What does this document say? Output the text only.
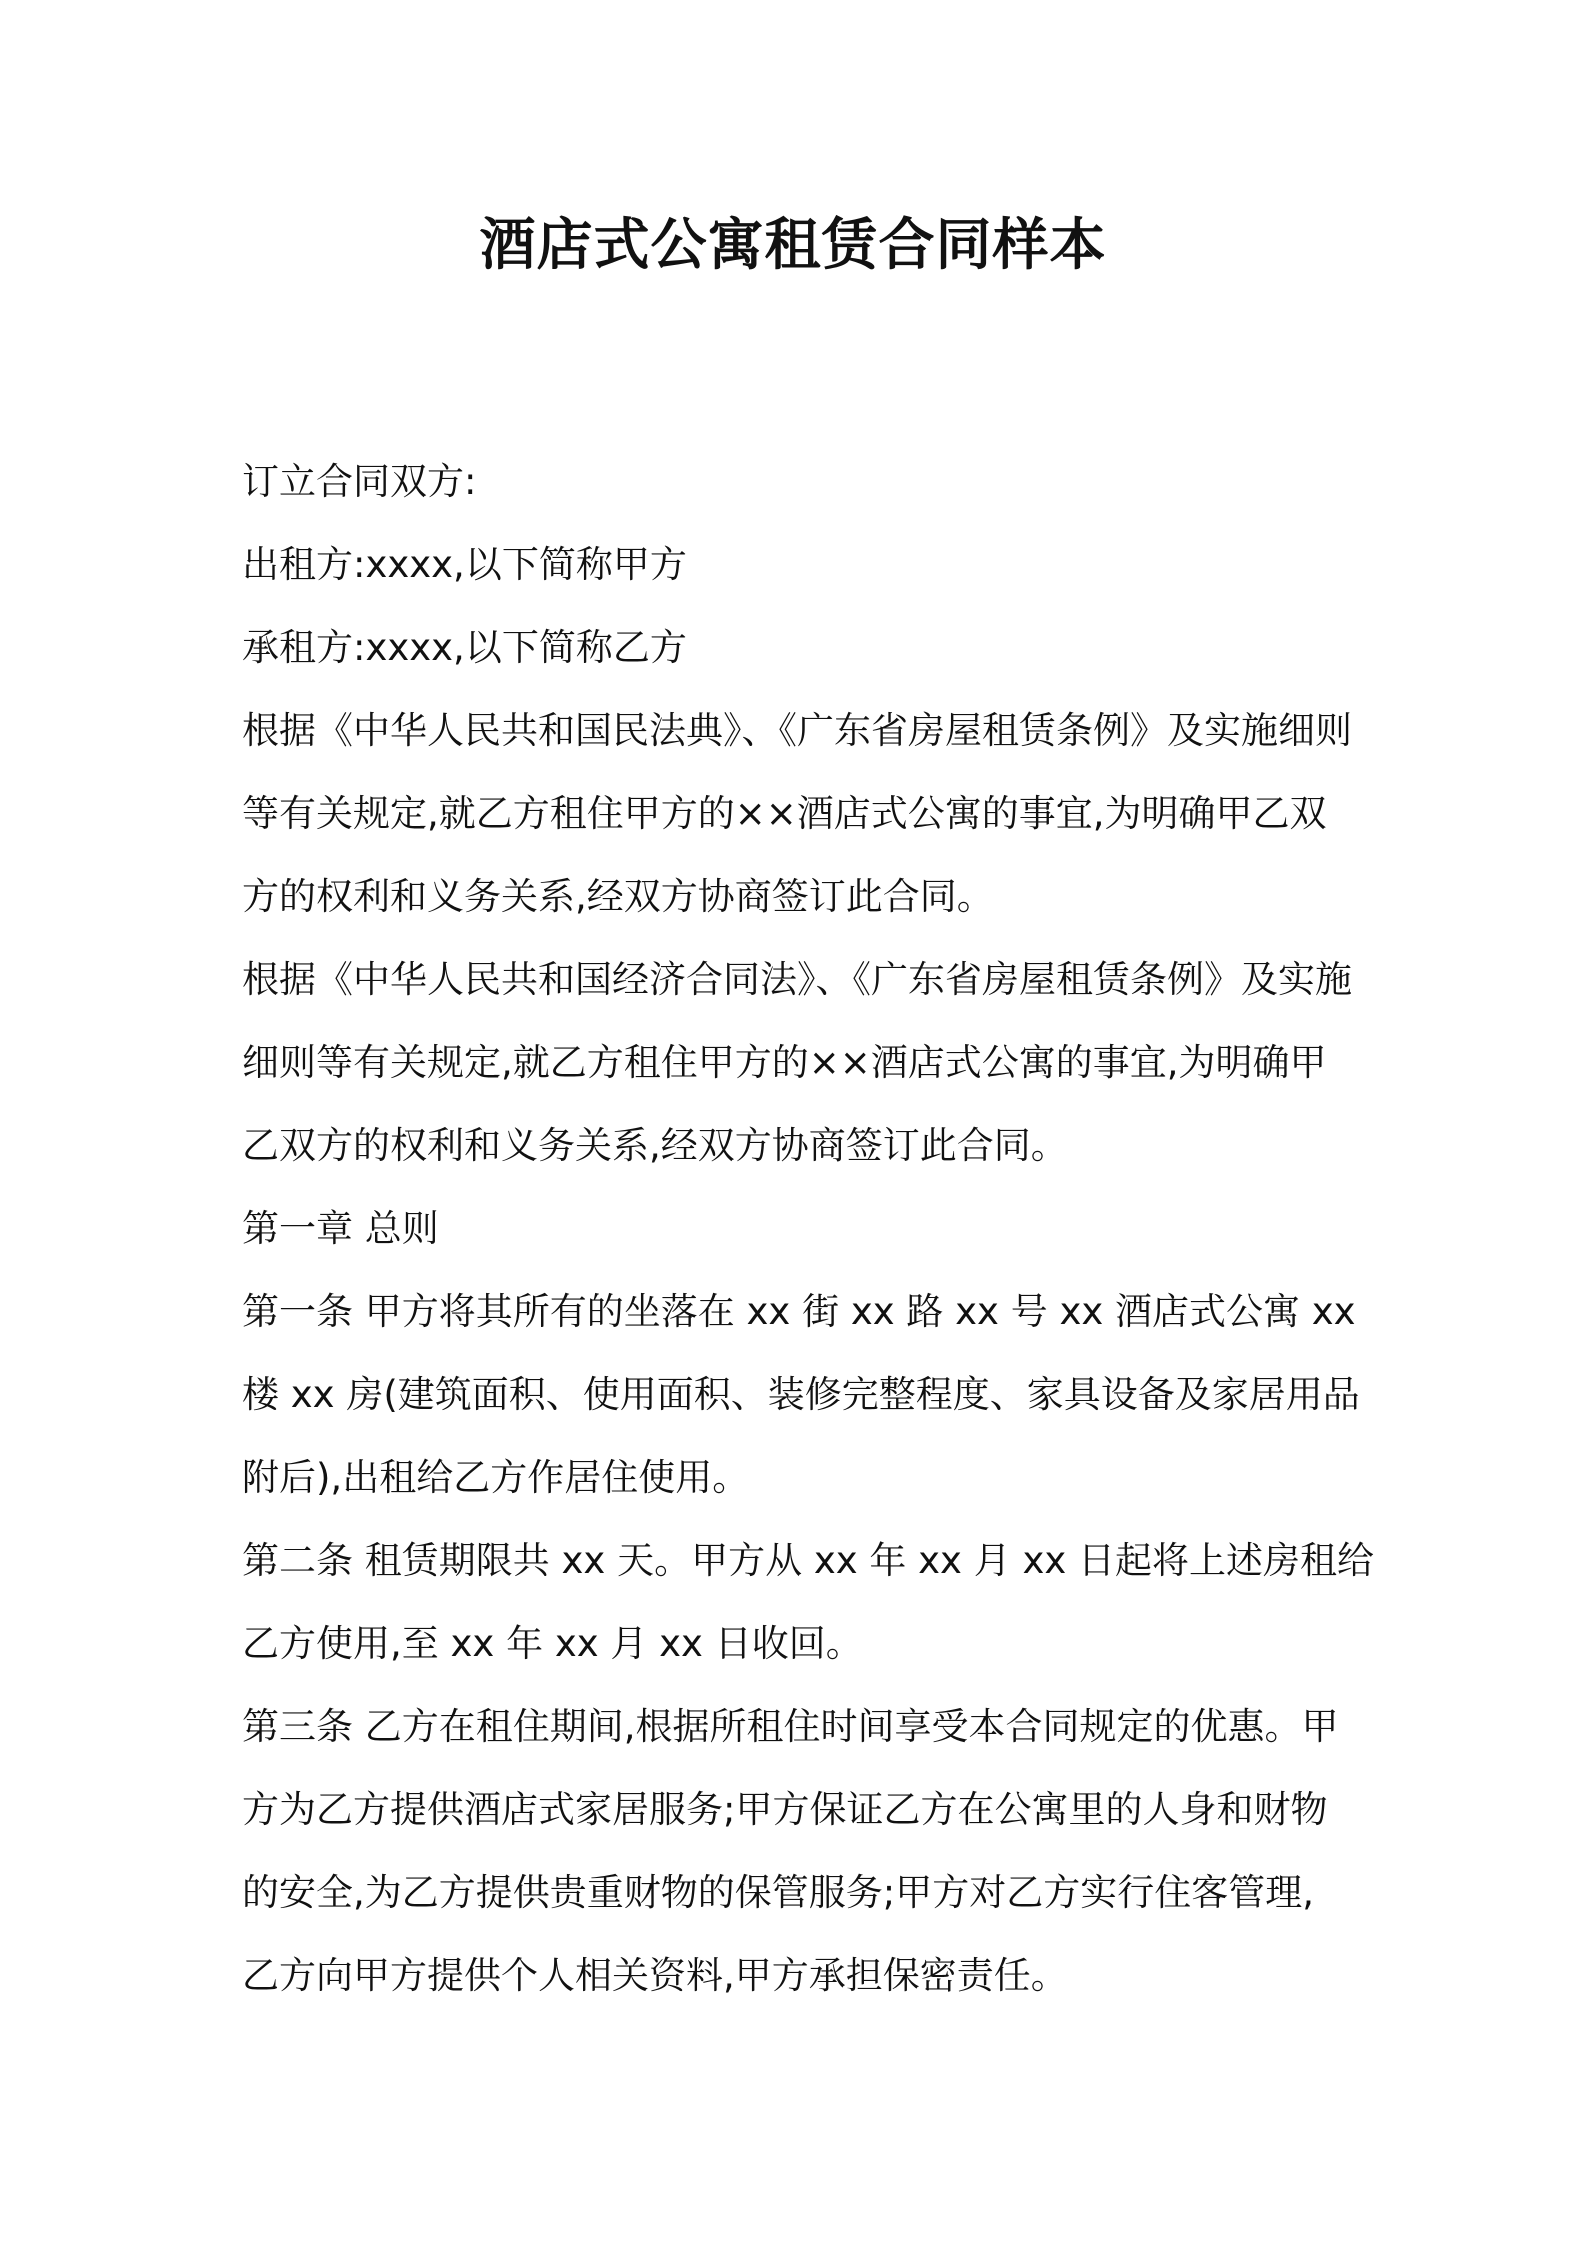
酒店式公寓租赁合同样本

订立合同双方:

出租方:xxxx,以下简称甲方

承租方:xxxx,以下简称乙方

根据《中华人民共和国民法典》、《广东省房屋租赁条例》及实施细则

等有关规定,就乙方租住甲方的××酒店式公寓的事宜,为明确甲乙双

方的权利和义务关系,经双方协商签订此合同。

根据《中华人民共和国经济合同法》、《广东省房屋租赁条例》及实施

细则等有关规定,就乙方租住甲方的××酒店式公寓的事宜,为明确甲

乙双方的权利和义务关系,经双方协商签订此合同。

第一章 总则

第一条 甲方将其所有的坐落在 xx 街 xx 路 xx 号 xx 酒店式公寓 xx

楼 xx 房(建筑面积、使用面积、装修完整程度、家具设备及家居用品

附后),出租给乙方作居住使用。

第二条 租赁期限共 xx 天。甲方从 xx 年 xx 月 xx 日起将上述房租给

乙方使用,至 xx 年 xx 月 xx 日收回。

第三条 乙方在租住期间,根据所租住时间享受本合同规定的优惠。甲

方为乙方提供酒店式家居服务;甲方保证乙方在公寓里的人身和财物

的安全,为乙方提供贵重财物的保管服务;甲方对乙方实行住客管理,

乙方向甲方提供个人相关资料,甲方承担保密责任。
